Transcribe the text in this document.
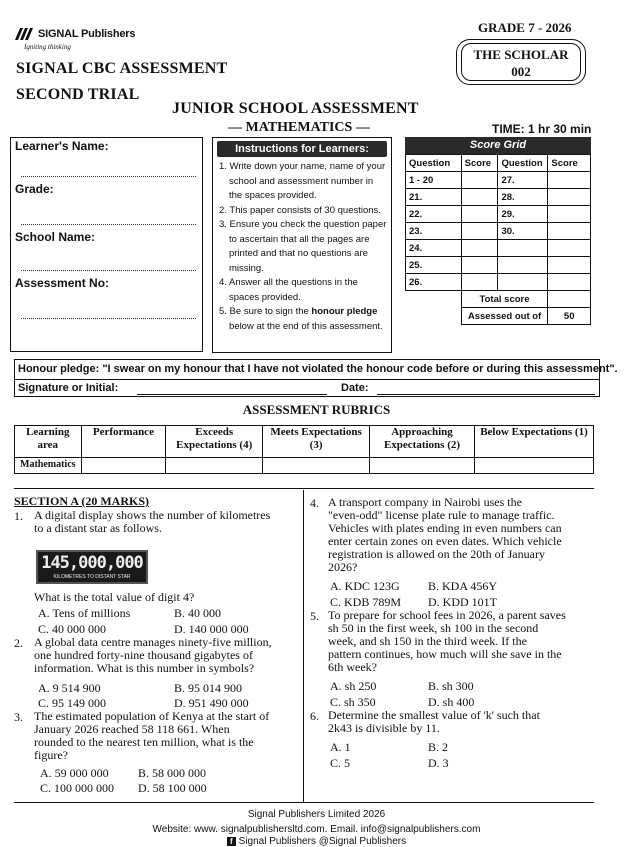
SIGNAL Publishers
Igniting thinking
SIGNAL CBC ASSESSMENT
SECOND TRIAL
GRADE 7 - 2026
THE SCHOLAR
002
JUNIOR SCHOOL ASSESSMENT
— MATHEMATICS —	TIME: 1 hr 30 min
Learner's Name:
Grade:
School Name:
Assessment No:
Instructions for Learners:
1. Write down your name, name of your school and assessment number in the spaces provided.
2. This paper consists of 30 questions.
3. Ensure you check the question paper to ascertain that all the pages are printed and that no questions are missing.
4. Answer all the questions in the spaces provided.
5. Be sure to sign the honour pledge below at the end of this assessment.
Score Grid
Question	Score	Question	Score
1 - 20		27.	
21.		28.	
22.		29.	
23.		30.	
24.			
25.			
26.			
	Total score		
	Assessed out of		50
Honour pledge: "I swear on my honour that I have not violated the honour code before or during this assessment".
Signature or Initial:	Date:
ASSESSMENT RUBRICS
Learning area	Performance	Exceeds Expectations (4)	Meets Expectations (3)	Approaching Expectations (2)	Below Expectations (1)
Mathematics					
SECTION A (20 MARKS)
1. A digital display shows the number of kilometres
to a distant star as follows.
145,000,000
KILOMETRES TO DISTANT STAR
What is the total value of digit 4?
A. Tens of millions	B. 40 000
C. 40 000 000	D. 140 000 000
2. A global data centre manages ninety-five million,
one hundred forty-nine thousand gigabytes of
information. What is this number in symbols?
A. 9 514 900	B. 95 014 900
C. 95 149 000	D. 951 490 000
3. The estimated population of Kenya at the start of
January 2026 reached 58 118 661. When
rounded to the nearest ten million, what is the
figure?
A. 59 000 000 B. 58 000 000
C. 100 000 000 D. 58 100 000
4. A transport company in Nairobi uses the
"even-odd" license plate rule to manage traffic.
Vehicles with plates ending in even numbers can
enter certain zones on even dates. Which vehicle
registration is allowed on the 20th of January
2026?
A. KDC 123G B. KDA 456Y
C. KDB 789M D. KDD 101T
5. To prepare for school fees in 2026, a parent saves
sh 50 in the first week, sh 100 in the second
week, and sh 150 in the third week. If the
pattern continues, how much will she save in the
6th week?
A. sh 250	B. sh 300
C. sh 350	D. sh 400
6. Determine the smallest value of 'k' such that
2k43 is divisible by 11.
A. 1	B. 2
C. 5	D. 3
Signal Publishers Limited 2026
Website: www. signalpublishersltd.com. Email. info@signalpublishers.com
f Signal Publishers @Signal Publishers
